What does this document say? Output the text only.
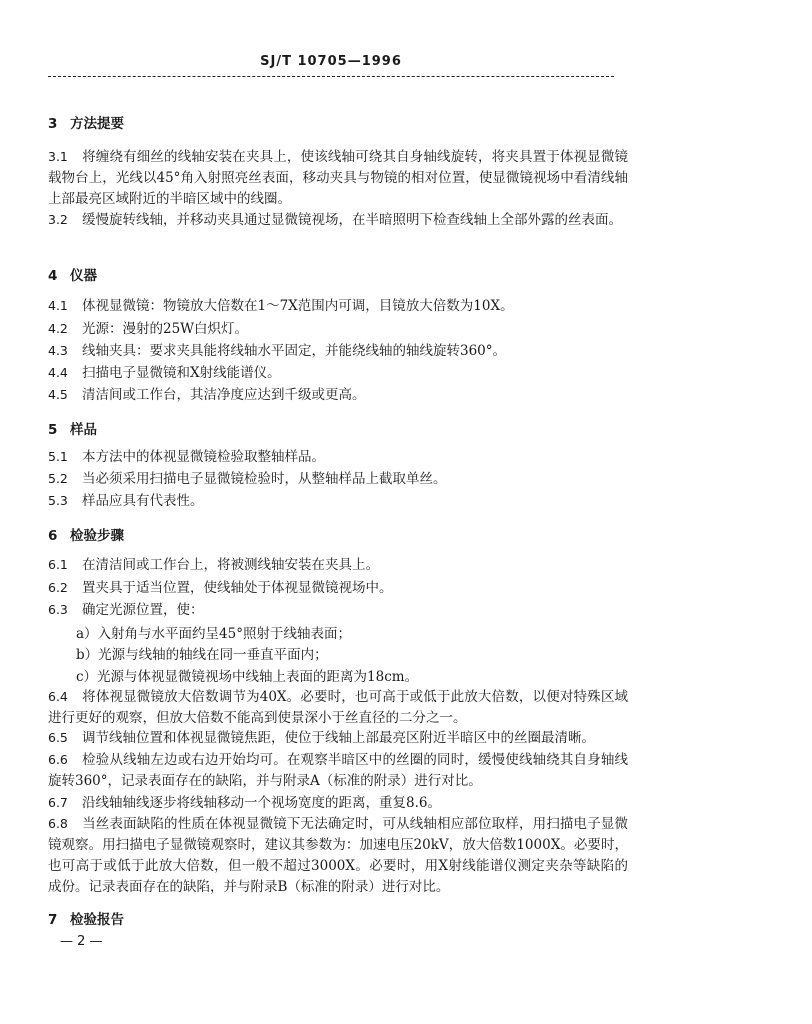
SJ/T 10705—1996
3 方法提要
3.1 将缠绕有细丝的线轴安装在夹具上，使该线轴可绕其自身轴线旋转，将夹具置于体视显微镜载物台上，光线以45°角入射照亮丝表面，移动夹具与物镜的相对位置，使显微镜视场中看清线轴上部最亮区域附近的半暗区域中的线圈。
3.2 缓慢旋转线轴，并移动夹具通过显微镜视场，在半暗照明下检查线轴上全部外露的丝表面。
4 仪器
4.1 体视显微镜：物镜放大倍数在1～7X范围内可调，目镜放大倍数为10X。
4.2 光源：漫射的25W白炽灯。
4.3 线轴夹具：要求夹具能将线轴水平固定，并能绕线轴的轴线旋转360°。
4.4 扫描电子显微镜和X射线能谱仪。
4.5 清洁间或工作台，其洁净度应达到千级或更高。
5 样品
5.1 本方法中的体视显微镜检验取整轴样品。
5.2 当必须采用扫描电子显微镜检验时，从整轴样品上截取单丝。
5.3 样品应具有代表性。
6 检验步骤
6.1 在清洁间或工作台上，将被测线轴安装在夹具上。
6.2 置夹具于适当位置，使线轴处于体视显微镜视场中。
6.3 确定光源位置，使：
a）入射角与水平面约呈45°照射于线轴表面；
b）光源与线轴的轴线在同一垂直平面内；
c）光源与体视显微镜视场中线轴上表面的距离为18cm。
6.4 将体视显微镜放大倍数调节为40X。必要时，也可高于或低于此放大倍数，以便对特殊区域进行更好的观察，但放大倍数不能高到使景深小于丝直径的二分之一。
6.5 调节线轴位置和体视显微镜焦距，使位于线轴上部最亮区附近半暗区中的丝圈最清晰。
6.6 检验从线轴左边或右边开始均可。在观察半暗区中的丝圈的同时，缓慢使线轴绕其自身轴线旋转360°，记录表面存在的缺陷，并与附录A（标准的附录）进行对比。
6.7 沿线轴轴线逐步将线轴移动一个视场宽度的距离，重复8.6。
6.8 当丝表面缺陷的性质在体视显微镜下无法确定时，可从线轴相应部位取样，用扫描电子显微镜观察。用扫描电子显微镜观察时，建议其参数为：加速电压20kV，放大倍数1000X。必要时，也可高于或低于此放大倍数，但一般不超过3000X。必要时，用X射线能谱仪测定夹杂等缺陷的成份。记录表面存在的缺陷，并与附录B（标准的附录）进行对比。
7 检验报告
— 2 —
